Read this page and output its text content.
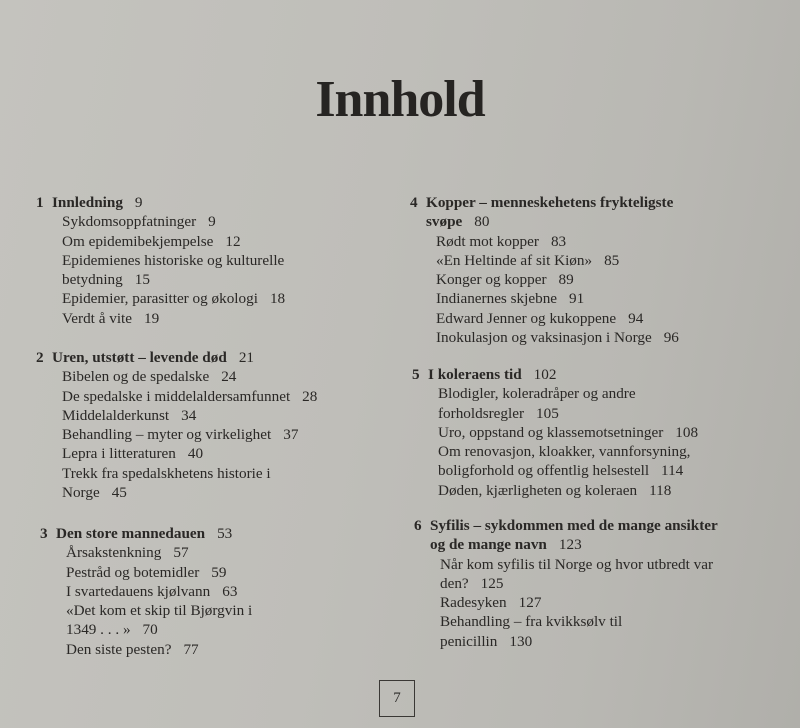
Innhold
1 Innledning 9
Sykdomsoppfatninger 9
Om epidemibekjempelse 12
Epidemienes historiske og kulturelle
betydning 15
Epidemier, parasitter og økologi 18
Verdt å vite 19
2 Uren, utstøtt – levende død 21
Bibelen og de spedalske 24
De spedalske i middelaldersamfunnet 28
Middelalderkunst 34
Behandling – myter og virkelighet 37
Lepra i litteraturen 40
Trekk fra spedalskhetens historie i
Norge 45
3 Den store mannedauen 53
Årsakstenkning 57
Pestråd og botemidler 59
I svartedauens kjølvann 63
«Det kom et skip til Bjørgvin i
1349 . . . » 70
Den siste pesten? 77
4 Kopper – menneskehetens frykteligste
svøpe 80
Rødt mot kopper 83
«En Heltinde af sit Kiøn» 85
Konger og kopper 89
Indianernes skjebne 91
Edward Jenner og kukoppene 94
Inokulasjon og vaksinasjon i Norge 96
5 I koleraens tid 102
Blodigler, koleradråper og andre
forholdsregler 105
Uro, oppstand og klassemotsetninger 108
Om renovasjon, kloakker, vannforsyning,
boligforhold og offentlig helsestell 114
Døden, kjærligheten og koleraen 118
6 Syfilis – sykdommen med de mange ansikter
og de mange navn 123
Når kom syfilis til Norge og hvor utbredt var
den? 125
Radesyken 127
Behandling – fra kvikksølv til
penicillin 130
7
